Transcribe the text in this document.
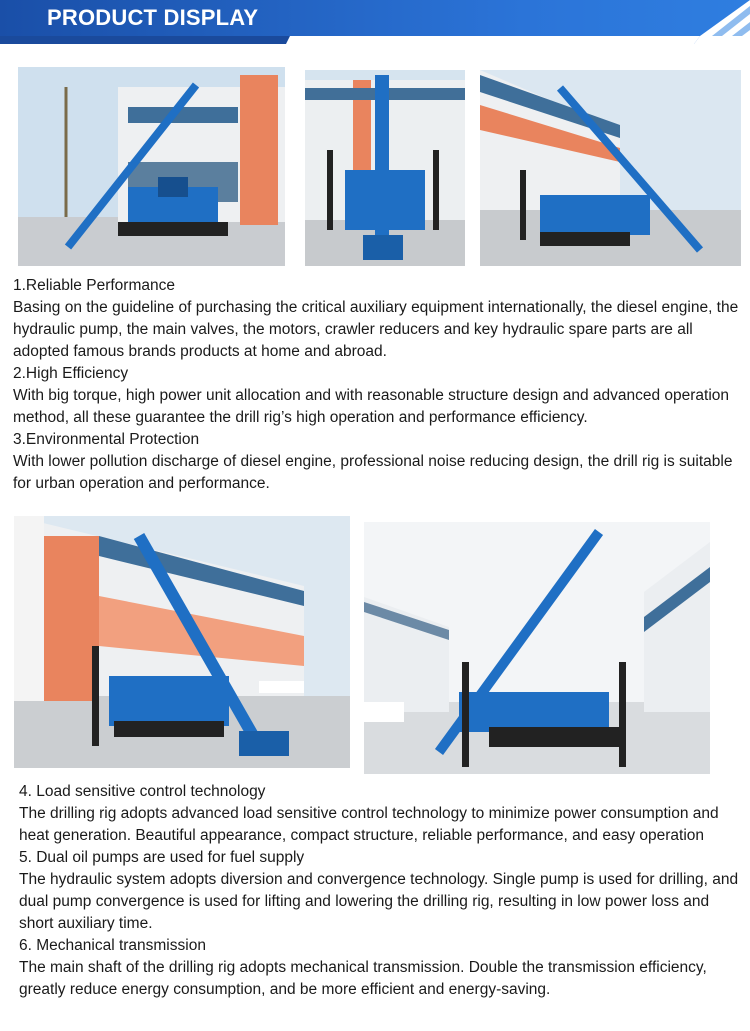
PRODUCT DISPLAY

1.Reliable Performance

Basing on the guideline of purchasing the critical auxiliary equipment internationally, the diesel engine, the hydraulic pump, the main valves, the motors, crawler reducers and key hydraulic spare parts are all adopted famous brands products at home and abroad.

2.High Efficiency

With big torque, high power unit allocation and with reasonable structure design and advanced operation method, all these guarantee the drill rig’s high operation and performance efficiency.

3.Environmental Protection

With lower pollution discharge of diesel engine, professional noise reducing design, the drill rig is suitable for urban operation and performance.

4. Load sensitive control technology

The drilling rig adopts advanced load sensitive control technology to minimize power consumption and heat generation. Beautiful appearance, compact structure, reliable performance, and easy operation

5. Dual oil pumps are used for fuel supply

The hydraulic system adopts diversion and convergence technology. Single pump is used for drilling, and dual pump convergence is used for lifting and lowering the drilling rig, resulting in low power loss and short auxiliary time.

6. Mechanical transmission

The main shaft of the drilling rig adopts mechanical transmission. Double the transmission efficiency, greatly reduce energy consumption, and be more efficient and energy-saving.
